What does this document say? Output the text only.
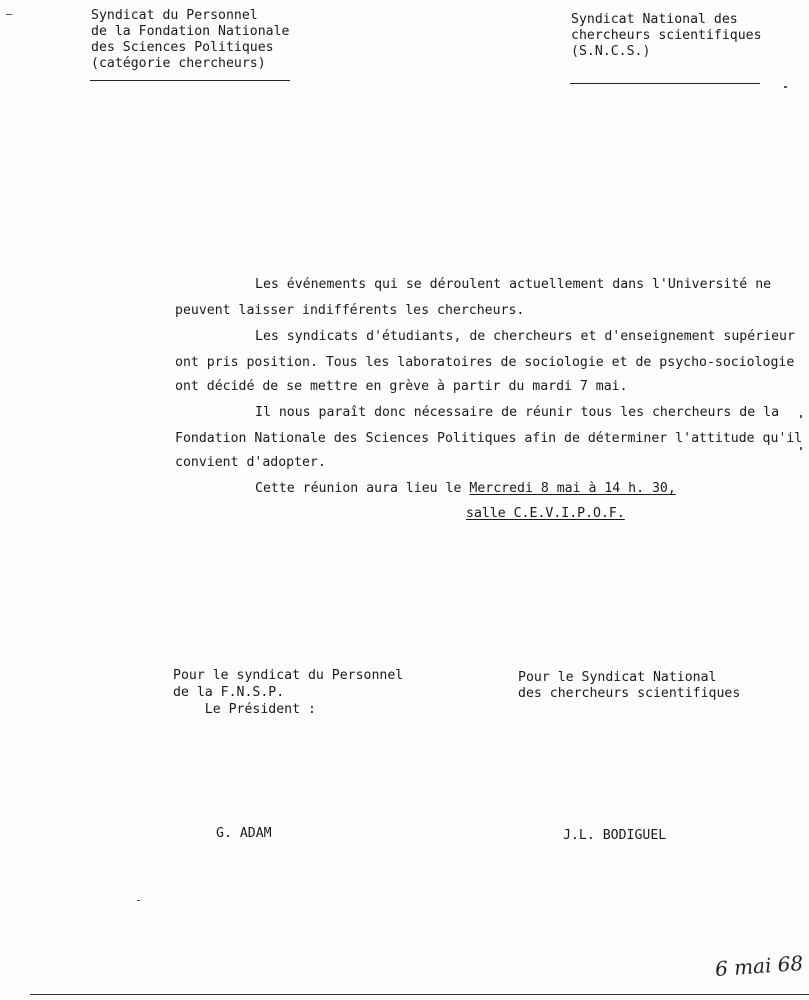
Syndicat du Personnel
de la Fondation Nationale
des Sciences Politiques
(catégorie chercheurs)
Syndicat National des
chercheurs scientifiques
(S.N.C.S.)
Les événements qui se déroulent actuellement dans l'Université ne
peuvent laisser indifférents les chercheurs.
Les syndicats d'étudiants, de chercheurs et d'enseignement supérieur
ont pris position. Tous les laboratoires de sociologie et de psycho-sociologie
ont décidé de se mettre en grève à partir du mardi 7 mai.
Il nous paraît donc nécessaire de réunir tous les chercheurs de la
Fondation Nationale des Sciences Politiques afin de déterminer l'attitude qu'il
convient d'adopter.
Cette réunion aura lieu le Mercredi 8 mai à 14 h. 30,
salle C.E.V.I.P.O.F.
Pour le syndicat du Personnel
de la F.N.S.P.
Le Président :
G. ADAM
Pour le Syndicat National
des chercheurs scientifiques
J.L. BODIGUEL
6 mai 68
